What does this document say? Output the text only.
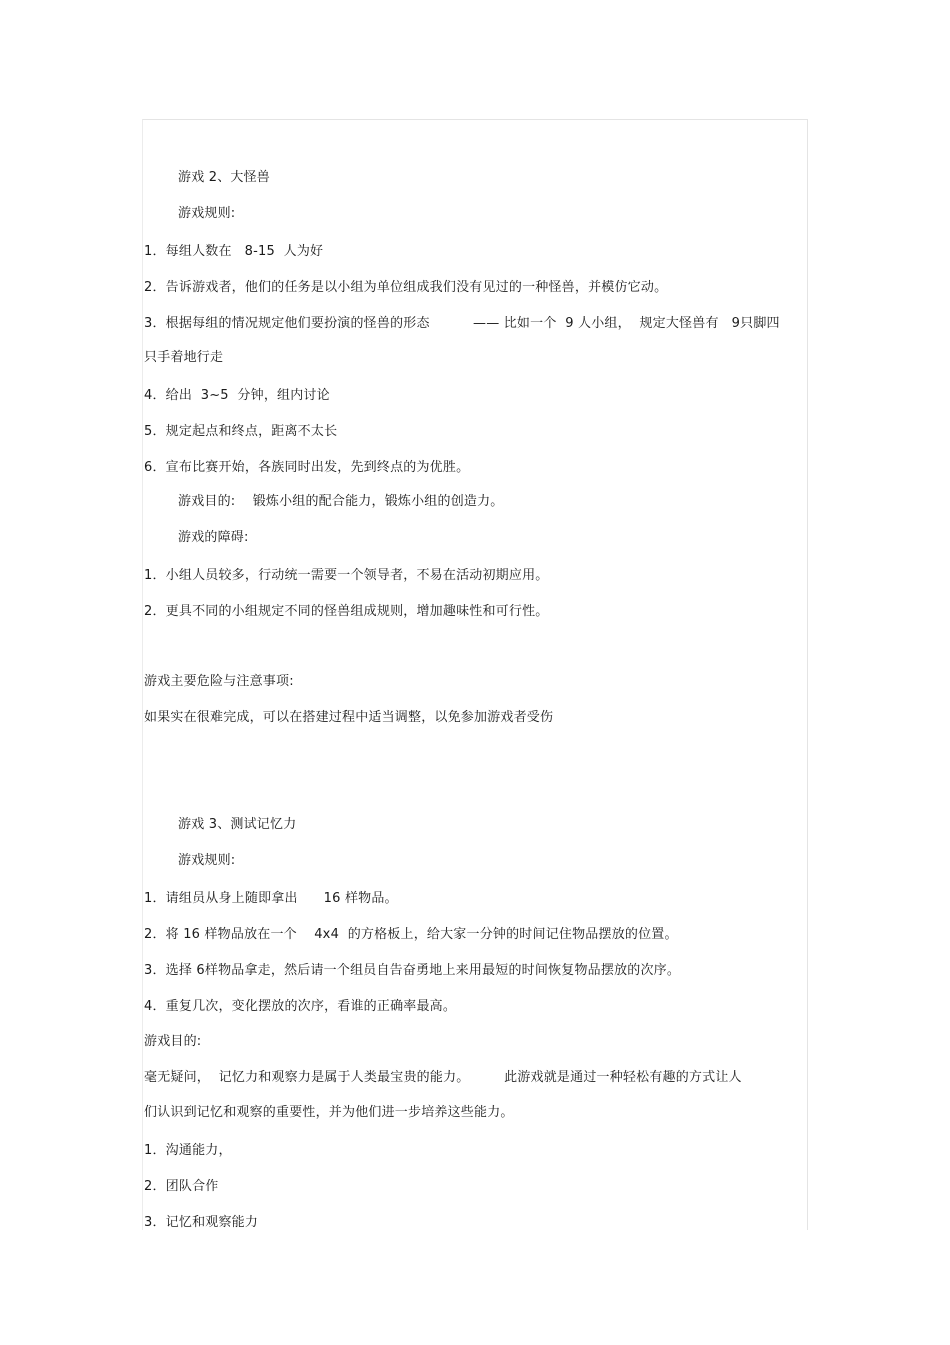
游戏 2、大怪兽
游戏规则:
1．每组人数在   8-15  人为好
2．告诉游戏者，他们的任务是以小组为单位组成我们没有见过的一种怪兽，并模仿它动。
3．根据每组的情况规定他们要扮演的怪兽的形态          —— 比如一个  9 人小组，  规定大怪兽有   9只脚四
只手着地行走
4．给出  3~5  分钟，组内讨论
5．规定起点和终点，距离不太长
6．宣布比赛开始，各族同时出发，先到终点的为优胜。
游戏目的:    锻炼小组的配合能力，锻炼小组的创造力。
游戏的障碍:
1．小组人员较多，行动统一需要一个领导者，不易在活动初期应用。
2．更具不同的小组规定不同的怪兽组成规则，增加趣味性和可行性。
游戏主要危险与注意事项:
如果实在很难完成，可以在搭建过程中适当调整，以免参加游戏者受伤
游戏 3、测试记忆力
游戏规则:
1．请组员从身上随即拿出      16 样物品。
2．将 16 样物品放在一个    4x4  的方格板上，给大家一分钟的时间记住物品摆放的位置。
3．选择 6样物品拿走，然后请一个组员自告奋勇地上来用最短的时间恢复物品摆放的次序。
4．重复几次，变化摆放的次序，看谁的正确率最高。
游戏目的:
毫无疑问，  记忆力和观察力是属于人类最宝贵的能力。        此游戏就是通过一种轻松有趣的方式让人
们认识到记忆和观察的重要性，并为他们进一步培养这些能力。
1．沟通能力，
2．团队合作
3．记忆和观察能力
